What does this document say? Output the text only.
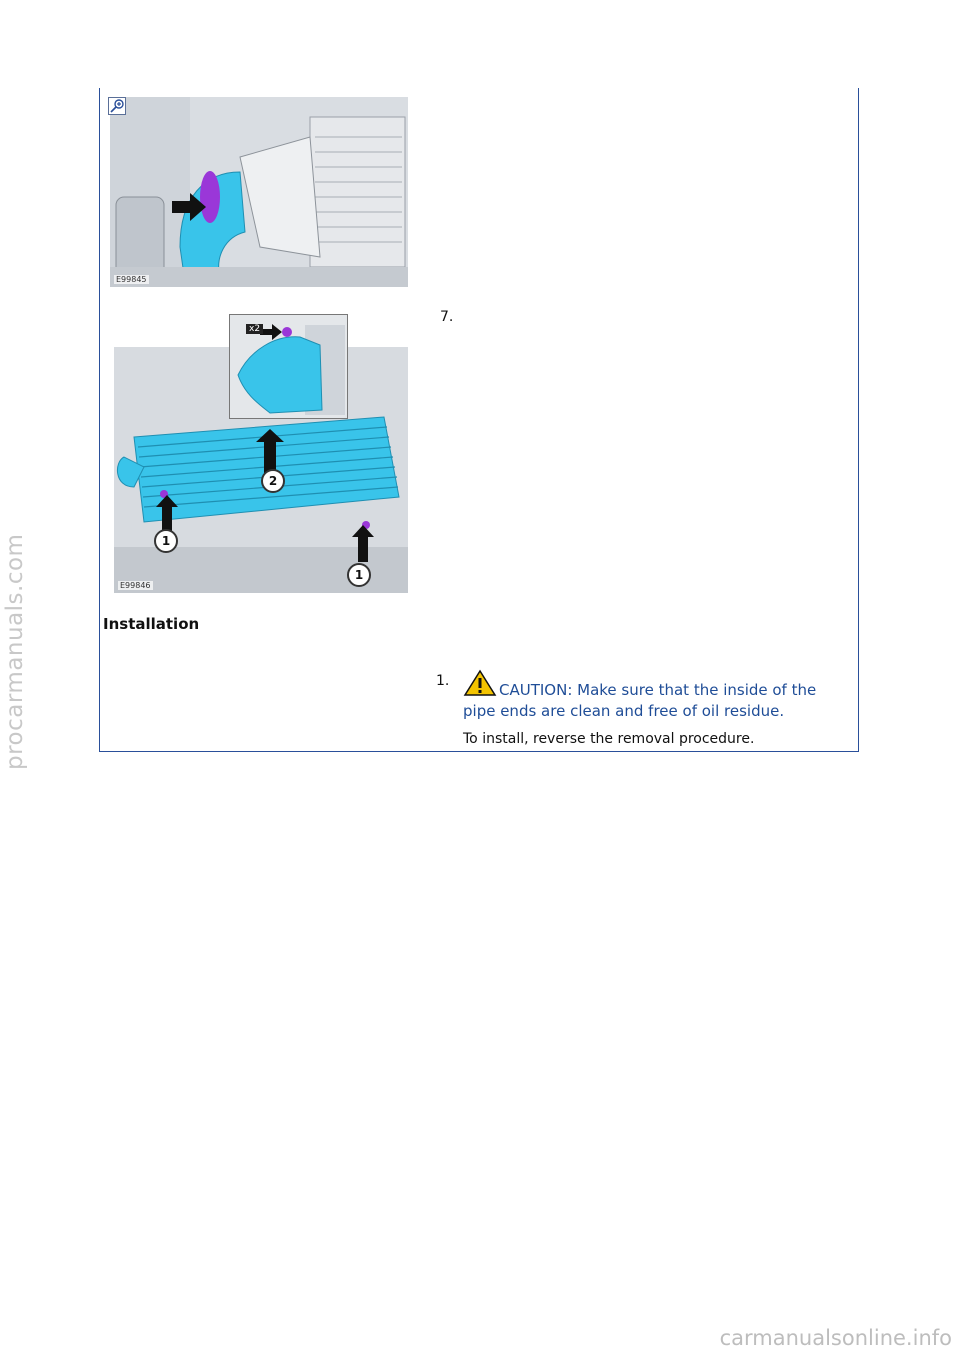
E99845
E99846
2
1
1
x2
7.
Installation
1.	CAUTION: Make sure that the inside of the pipe ends are clean and free of oil residue.
To install, reverse the removal procedure.
procarmanuals.com
carmanualsonline.info
